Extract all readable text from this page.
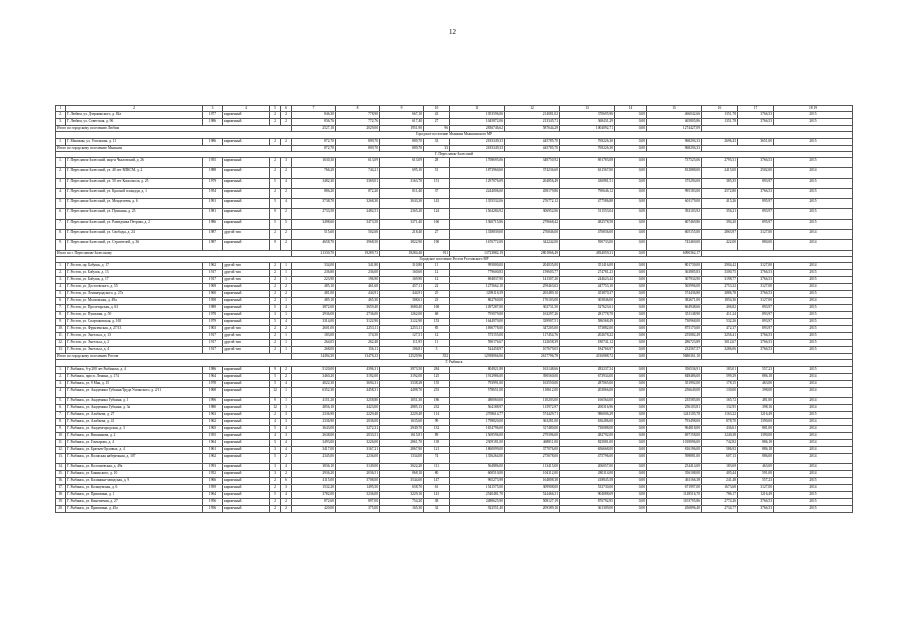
12
1	2	3	4	5	6	7	8	9	10	11	12	13	14	15	16	17	18 19
2.	Г. Любим, ул. Дзержинского, д. 82а	1977	кирпичный	2	2	846,30	778,90	667,10	43	1053596,06	214081,02	370695,96	0,00	466042,66	1351,78	3766,53	2015
3.	Г. Любим, ул. Советская, д. 96	1986	кирпичный	2	2	836,76	772,76	617,40	27	1045872,06	213345,71	368431,29	0,00	465805,86	1351,78	3766,53	2015
Итого по городскому поселению Любим						2527,10	2029,00	1951,90	96	2836746,62	587644,29	1004092,71	0,00	1274427,09			
Городское поселение Мышкин Мышкинского МР																	
1.	Г. Мышкин, ул. Успенская, д. 11	1986	кирпичный	2	2	872,70	809,70	809,70	33	2183349,33	445785,70	769226,30	0,00	968294,33	2696,43	3651,00	2015
Итого по городскому поселению Мышкин						872,70	809,70	809,70	33	2183349,33	445785,70	769226,30	0,00	968294,33			
Г. Переславль-Залесский																	
1.	Г. Переславль-Залесский, мкр-н Чкаловский, д. 26	1955	кирпичный	2	3	1630,30	613,09	613,09	28	1708695,06	348750,92	691783,08	0,00	737525,06	2795,51	3766,53	2015
2.	Г. Переславль-Залесский, ул. 40 лет ВЛКСМ, д. 2	1988	кирпичный	2	2	766,20	744,21	695,10	51	1873960,60	374236,60	631567,00	0,00	812888,00	2415,00	2502,00	2014
3.	Г. Переславль-Залесский, ул. 50 лет Комсомола, д. 25	1979	кирпичный	5	4	3482,30	3369,01	3163,70	151	1297076,09	264856,49	436981,51	0,00	375294,00	385,35	893,97	2015
4.	Г. Переславль-Залесский, ул. Красной площади, д. 1	1954	кирпичный	2	2	886,20	872,20	811,40	37	2244006,00	458179,86	790646,12	0,00	995183,00	2572,80	3766,53	2015
5.	Г. Переславль-Залесский, ул. Менделеева, д. 6	1991	кирпичный	5	4	3738,70	3268,30	3043,30	143	1355532,06	276772,12	477586,88	0,00	601179,00	415,26	895,97	2015
6.	Г. Переславль-Залесский, ул. Пушкина, д. 23	1981	кирпичный	9	2	2733,50	2482,51	2365,20	124	1564284,92	306952,06	511553,04	0,00	392103,92	356,21	893,97	2015
7.	Г. Переславль-Залесский, ул. Разведчика Петрова, д. 2	1986	кирпичный	5	5	3498,60	3473,50	3371,40	160	1360715,86	279668,42	482578,58	0,00	607469,86	394,20	895,97	2015
8.	Г. Переславль-Залесский, ул. Свободы, д. 24	1987	другой тип	2	2	515,60	502,60	218,40	27	1338839,00	276846,00	476836,00	0,00	605155,00	2863,97	3127,00	2014
9.	Г. Переславль-Залесский, ул. Строителей, д. 36	1987	кирпичный	9	2	4658,70	3968,50	3822,90	190	1676772,00	342242,00	590733,00	0,00	743469,00	422,00	880,00	2014
Итого по г. Переславлю-Залесскому						21330,70	19289,73	18284,40	911	13723882,19	2801866,49	4834059,31	0,00	6090362,17			
Городское поселение Ростов Ростовского МР																	
1.	Г. Ростов, пр. Бабушк, д. 17	1962	другой тип	2	1	334,00	341,80	310,80	11	995800,00	204035,00	351416,00	0,00	801739,00	2904,42	3127,00	2014
2.	Г. Ростов, ул. Бабушк, д. 13	1917	другой тип	2	1	236,80	236,00	160,60	12	779600,83	159603,77	274781,23	0,00	363885,83	3300,75	3766,53	2015
3.	Г. Ростов, ул. Бабушк, д. 17	1917	другой тип	2	1	223,90	196,90	169,90	12	694837,90	141307,20	244623,44	0,00	307934,90	3198,77	3766,53	2015
4.	Г. Ростов, ул. Достоевского, д. 55	1969	кирпичный	2	2	485,10	461,60	457,11	22	1275662,10	259463,02	447753,10	0,00	565996,00	2753,32	3127,00	2014
5.	Г. Ростов, ул. Ленинградского, д. 27а	1960	кирпичный	2	2	481,00	444,91	444,91	25	1298116,59	265489,10	453870,37	0,00	574436,80	2886,78	3766,53	2015
6.	Г. Ростов, ул. Московская, д. 49а	1958	кирпичный	2	1	485,10	465,30	308,61	23	862760,00	176103,00	303846,00	0,00	382671,00	1854,36	3127,00	2014
7.	Г. Ростов, ул. Пролетарская, д. 63	1989	кирпичный	5	4	3872,00	3659,40	3680,40	168	1497287,00	302731,50	527623,61	0,00	664948,66	406,82	893,97	2015
8.	Г. Ростов, ул. Пушкина, д. 50	1978	кирпичный	3	1	2936,00	2736,00	1262,00	68	795079,00	163297,26	281778,70	0,00	351148,90	411,24	893,97	2015
9.	Г. Ростов, ул. Спартаковская, д. 165	1979	кирпичный	5	4	3314,00	3122,90	3122,90	153	1644970,00	339907,51	586568,49	0,00	730968,00	532,26	893,97	2015
10.	Г. Ростов, ул. Фрунзенская, д. 27/13	1903	другой тип	2	2	2601,00	2253,11	2253,11	85	1696778,00	347205,00	573882,00	0,00	875170,00	472,37	893,97	2015
11.	Г. Ростов, ул. Энгельса, д. 13	1917	другой тип	2	1	183,00	174,50	127,51	12	575155,00	117454,76	202678,22	0,00	255082,49	3256,41	3766,53	2015
12.	Г. Ростов, ул. Энгельса, д. 2	1917	другой тип	2	1	264,05	262,40	111,95	11	590176,67	122658,39	180741,12	0,00	286723,89	3012,67	3766,53	2015
13.	Г. Ростов, ул. Энгельса, д. 4	1917	другой тип	2	1	268,00	156,11	106,81	5	524458,97	107679,05	184766,97	0,00	232567,57	3286,06	3766,53	2015
Итого по городскому поселению Ростов						14494,30	13476,33	12529,96	552	12938066,06	2617796,78	4516988,72	0,00	5686361,10			
Г. Рыбинск																	
1.	Г. Рыбинск, б-р 200 лет Рыбинска, д. 4	1986	кирпичный	9	2	5120,00	4396,31	3973,50	284	804921,88	163148,66	283237,54	0,00	356536,91	183,01	557,23	2015
2.	Г. Рыбинск, просп. Ленина, д. 174	1964	кирпичный	5	2	3460,20	3192,00	3192,00	125	1912986,00	390560,00	673934,00	0,00	848486,00	599,29	886,18	2014
3.	Г. Рыбинск, ул. 9 Мая, д. 15	1978	кирпичный	5	4	4022,30	3694,31	3338,28	155	793991,00	163550,00	287065,00	0,00	351992,00	178,15	463,00	2014
4.	Г. Рыбинск, ул. Академика Губкина/Труда Ухтинского, д. 2/11	1968	кирпичный	12	1	6352,30	4458,31	4498,70	253	578651,00	118612,00	203866,00	0,00	256649,00	130,00	398,00	2014
5.	Г. Рыбинск, ул. Академика Губкина, д. 1	1996	кирпичный	9	1	4151,20	3258,80	1051,30	186	480060,00	110203,00	166564,00	0,00	235585,00	165,72	481,00	2014
6.	Г. Рыбинск, ул. Академика Губкина, д. 3а	1980	кирпичный	12	1	4856,10	4423,00	2885,13	232	564188,97	115972,97	200316,96	0,00	256103,81	132,95	398,16	2014
7.	Г. Рыбинск, ул. Алябьева, д. 27	1963	кирпичный	2	3	2336,90	2229,40	2229,40	114	2708614,77	574429,71	986006,29	0,00	1241105,78	1163,22	1216,49	2015
8.	Г. Рыбинск, ул. Алябьева, д. 41	1962	кирпичный	4	3	2336,90	2036,00	1635,60	99	1798820,00	363281,00	636286,00	0,00	793498,00	878,70	1390,00	2014
9.	Г. Рыбинск, ул. Академгородская, д. 3	1965	кирпичный	5	4	3643,00	3272,31	2949,70	132	1654796,00	317480,00	730088,00	0,00	964818,00	436,61	881,00	2014
10.	Г. Рыбинск, ул. Вишнякова, д. 2	1955	кирпичный	4	3	2638,00	2033,51	1615,81	89	1569596,00	279396,00	482792,00	0,00	697158,00	1240,38	1390,00	2014
11.	Г. Рыбинск, ул. Гончарова, д. 4	1964	кирпичный	5	4	3493,00	3226,00	2861,70	139	2309181,00	468811,00	825081,00	0,00	1018096,00	742,82	886,18	2014
12.	Г. Рыбинск, ул. Братьев Орловых, д. 4	1961	кирпичный	3	4	3417,00	3167,21	2867,90	121	1860099,00	377076,00	656668,00	0,00	816196,00	586,92	886,18	2014
13.	Г. Рыбинск, ул. Волжская набережная, д. 107	1962	кирпичный	5	2	2345,00	2236,00	1334,00	74	1356264,00	275678,00	475796,00	0,00	598881,00	607,13	886,00	2014
14.	Г. Рыбинск, ул. Волочаевская, д. 49а	1993	кирпичный	3	4	3836,10	3149,00	3022,20	111	564886,00	113415,00	206057,00	0,00	254414,00	183,69	463,00	2014
15.	Г. Рыбинск, ул. Бакинского, д. 10	1952	кирпичный	3	2	2936,20	2036,51	868,10	80	600510,00	104112,00	280114,00	0,00	356108,00	405,44	591,00	2014
16.	Г. Рыбинск, ул. Калинина-заводская, д. 9	1966	кирпичный	2	6	4115,00	3708,00	3544,60	147	965273,98	164808,38	418845,58	0,00	461166,38	241,48	557,23	2015
17.	Г. Рыбинск, ул. Кольцевская, д. 6	1959	кирпичный	2	3	1532,20	1495,50	658,70	61	1541575,00	309908,00	533730,00	0,00	671997,00	1673,68	3127,00	2014
18.	Г. Рыбинск, ул. Пришвина, д. 1	1964	кирпичный	5	4	3782,00	3236,00	3229,10	141	2540481,70	524466,31	904088,69	0,00	1128516,70	786,17	1216,49	2015
19.	Г. Рыбинск, ул. Кинешемая, д. 27	1956	кирпичный	2	2	872,60	897,00	754,20	38	2488625,90	508127,19	876792,85	0,00	1103705,86	2774,26	3766,53	2015
20.	Г. Рыбинск, ул. Пришвина, д. 45а	1956	кирпичный	2	2	420,00	375,00	165,30	32	922551,40	209389,10	361309,00	0,00	456896,40	2734,77	3766,53	2015
